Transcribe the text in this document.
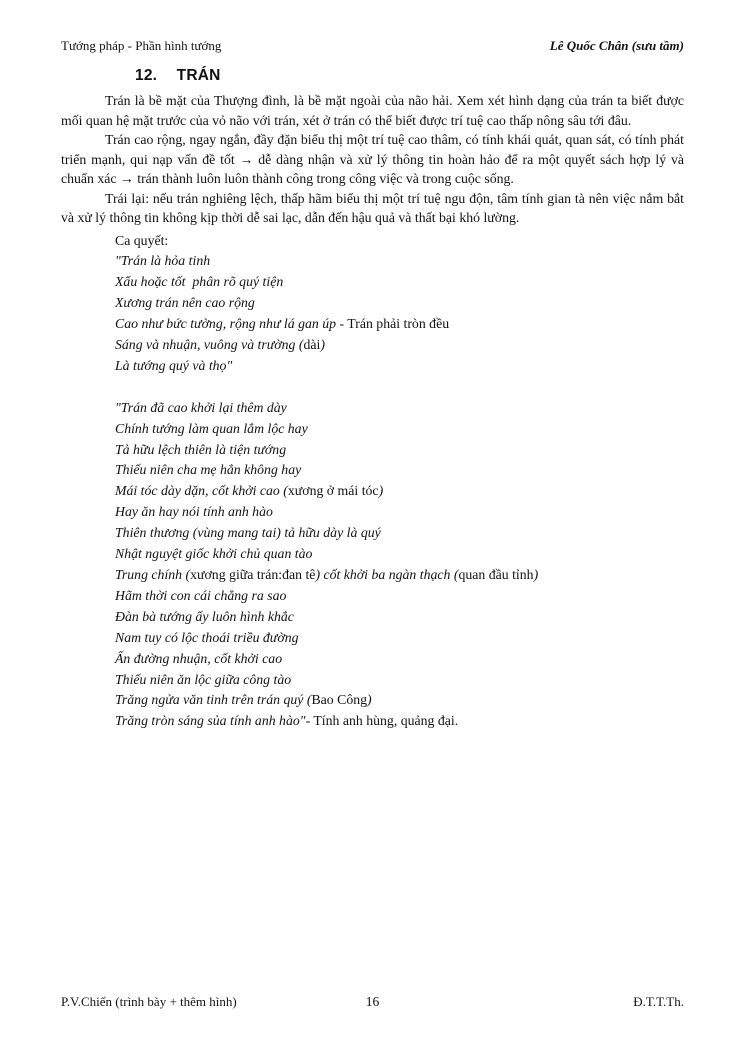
Tướng pháp - Phần hình tướng	Lê Quốc Chân (sưu tầm)
12. TRÁN

Trán là bề mặt của Thượng đình, là bề mặt ngoài của não hải. Xem xét hình dạng của trán ta biết được mối quan hệ mặt trước của vỏ não với trán, xét ở trán có thể biết được trí tuệ cao thấp nông sâu tới đâu.

Trán cao rộng, ngay ngắn, đầy đặn biểu thị một trí tuệ cao thâm, có tính khái quát, quan sát, có tính phát triển mạnh, qui nạp vấn đề tốt → dễ dàng nhận và xử lý thông tin hoàn hảo để ra một quyết sách hợp lý và chuẩn xác → trán thành luôn luôn thành công trong công việc và trong cuộc sống.

Trái lại: nếu trán nghiêng lệch, thấp hãm biểu thị một trí tuệ ngu độn, tâm tính gian tà nên việc nắm bắt và xử lý thông tin không kịp thời dễ sai lạc, dẫn đến hậu quả và thất bại khó lường.

Ca quyết:
"Trán là hỏa tinh
Xấu hoặc tốt  phân rõ quý tiện
Xương trán nên cao rộng
Cao như bức tường, rộng như lá gan úp - Trán phải tròn đều
Sáng và nhuận, vuông và trường (dài)
Là tướng quý và thọ"
"Trán đã cao khởi lại thêm dày
Chính tướng làm quan lắm lộc hay
Tả hữu lệch thiên là tiện tướng
Thiếu niên cha mẹ hẳn không hay
Mái tóc dày dặn, cốt khởi cao (xương ở mái tóc)
Hay ăn hay nói tính anh hào
Thiên thương (vùng mang tai) tả hữu dày là quý
Nhật nguyệt giốc khởi chủ quan tào
Trung chính (xương giữa trán:đan tê) cốt khởi ba ngàn thạch (quan đầu tỉnh)
Hãm thời con cái chẳng ra sao
Đàn bà tướng ấy luôn hình khắc
Nam tuy có lộc thoái triều đường
Ấn đường nhuận, cốt khởi cao
Thiếu niên ăn lộc giữa công tào
Trăng ngửa văn tinh trên trán quý (Bao Công)
Trăng tròn sáng sủa tính anh hào"- Tính anh hùng, quảng đại.
P.V.Chiến (trình bày + thêm hình)	16	Đ.T.T.Th.
